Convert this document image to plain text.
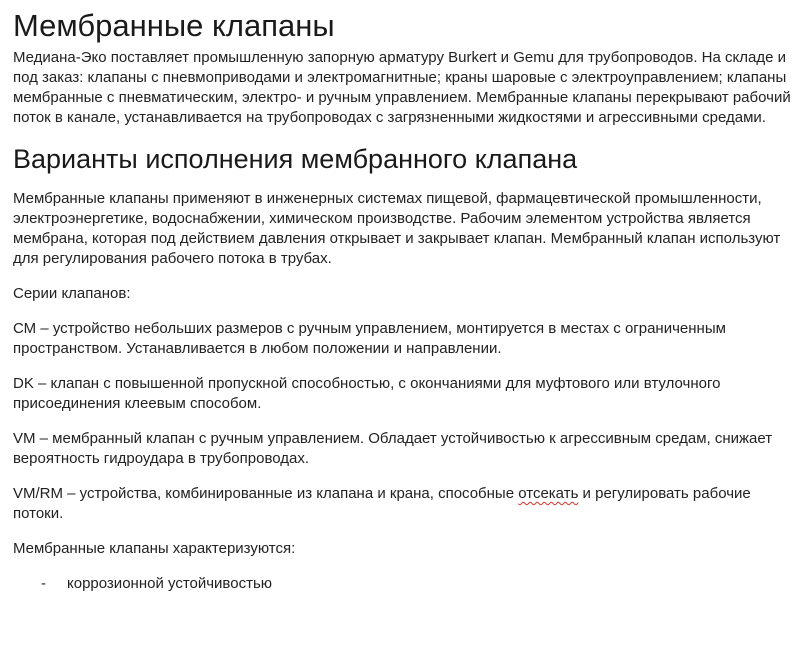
Мембранные клапаны

Медиана-Эко поставляет промышленную запорную арматуру Burkert и Gemu для трубопроводов. На складе и под заказ: клапаны с пневмоприводами и электромагнитные; краны шаровые с электроуправлением; клапаны мембранные с пневматическим, электро- и ручным управлением. Мембранные клапаны перекрывают рабочий поток в канале, устанавливается на трубопроводах с загрязненными жидкостями и агрессивными средами.

Варианты исполнения мембранного клапана

Мембранные клапаны применяют в инженерных системах пищевой, фармацевтической промышленности, электроэнергетике, водоснабжении, химическом производстве. Рабочим элементом устройства является мембрана, которая под действием давления открывает и закрывает клапан. Мембранный клапан используют для регулирования рабочего потока в трубах.

Серии клапанов:

СМ – устройство небольших размеров с ручным управлением, монтируется в местах с ограниченным пространством. Устанавливается в любом положении и направлении.

DK – клапан с повышенной пропускной способностью, с окончаниями для муфтового или втулочного присоединения клеевым способом.

VM – мембранный клапан с ручным управлением. Обладает устойчивостью к агрессивным средам, снижает вероятность гидроудара в трубопроводах.

VM/RM – устройства, комбинированные из клапана и крана, способные отсекать и регулировать рабочие потоки.

Мембранные клапаны характеризуются:

- коррозионной устойчивостью
